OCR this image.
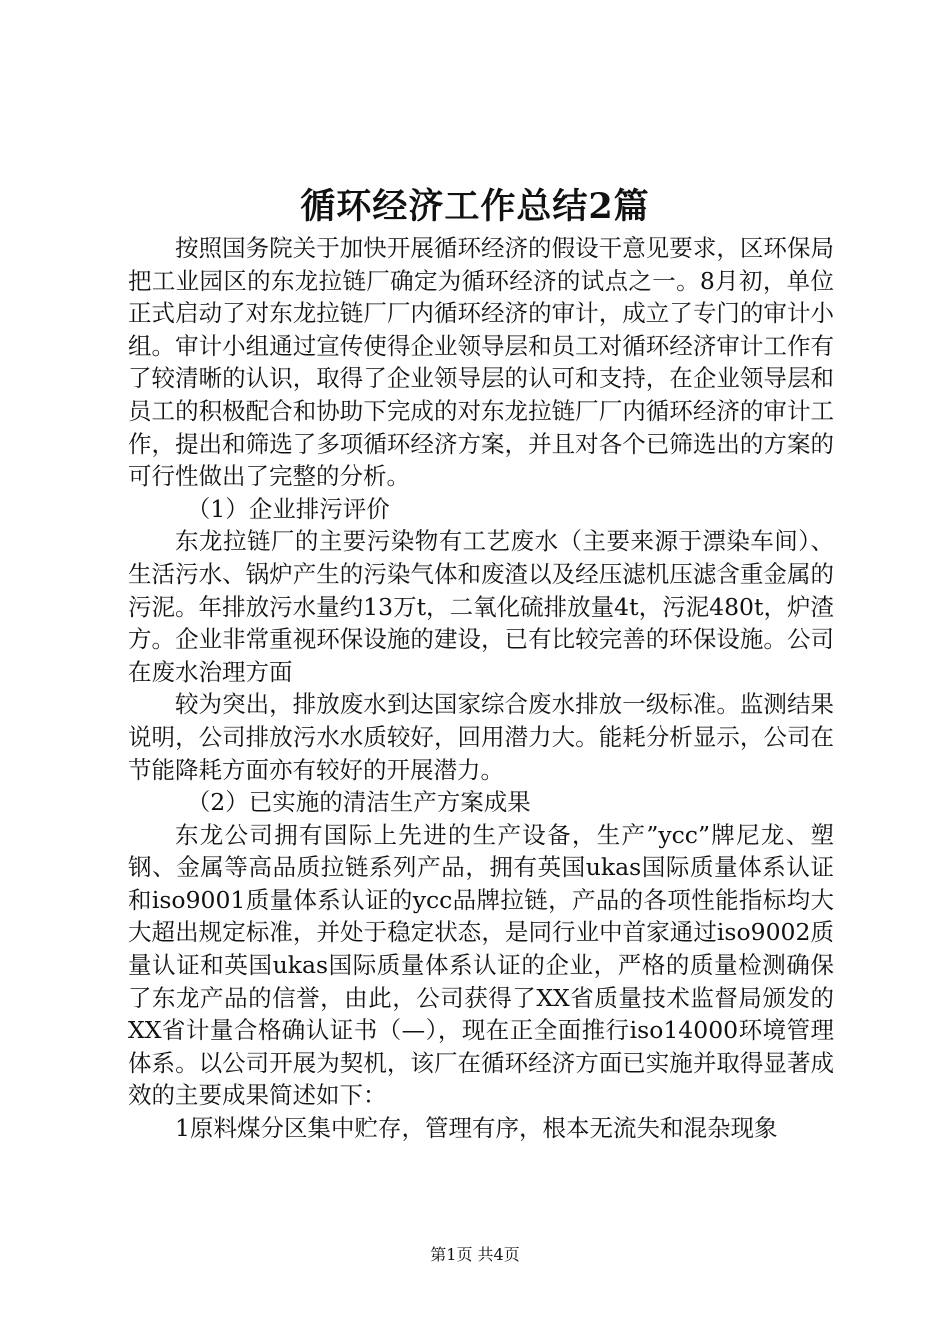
循环经济工作总结2篇

按照国务院关于加快开展循环经济的假设干意见要求，区环保局把工业园区的东龙拉链厂确定为循环经济的试点之一。8月初，单位正式启动了对东龙拉链厂厂内循环经济的审计，成立了专门的审计小组。审计小组通过宣传使得企业领导层和员工对循环经济审计工作有了较清晰的认识，取得了企业领导层的认可和支持，在企业领导层和员工的积极配合和协助下完成的对东龙拉链厂厂内循环经济的审计工作，提出和筛选了多项循环经济方案，并且对各个已筛选出的方案的可行性做出了完整的分析。

（1）企业排污评价

东龙拉链厂的主要污染物有工艺废水（主要来源于漂染车间）、生活污水、锅炉产生的污染气体和废渣以及经压滤机压滤含重金属的污泥。年排放污水量约13万t，二氧化硫排放量4t，污泥480t，炉渣方。企业非常重视环保设施的建设，已有比较完善的环保设施。公司在废水治理方面

较为突出，排放废水到达国家综合废水排放一级标准。监测结果说明，公司排放污水水质较好，回用潜力大。能耗分析显示，公司在节能降耗方面亦有较好的开展潜力。

（2）已实施的清洁生产方案成果

东龙公司拥有国际上先进的生产设备，生产”ycc”牌尼龙、塑钢、金属等高品质拉链系列产品，拥有英国ukas国际质量体系认证和iso9001质量体系认证的ycc品牌拉链，产品的各项性能指标均大大超出规定标准，并处于稳定状态，是同行业中首家通过iso9002质量认证和英国ukas国际质量体系认证的企业，严格的质量检测确保了东龙产品的信誉，由此，公司获得了XX省质量技术监督局颁发的XX省计量合格确认证书（—），现在正全面推行iso14000环境管理体系。以公司开展为契机，该厂在循环经济方面已实施并取得显著成效的主要成果简述如下：

1原料煤分区集中贮存，管理有序，根本无流失和混杂现象

第1页 共4页
